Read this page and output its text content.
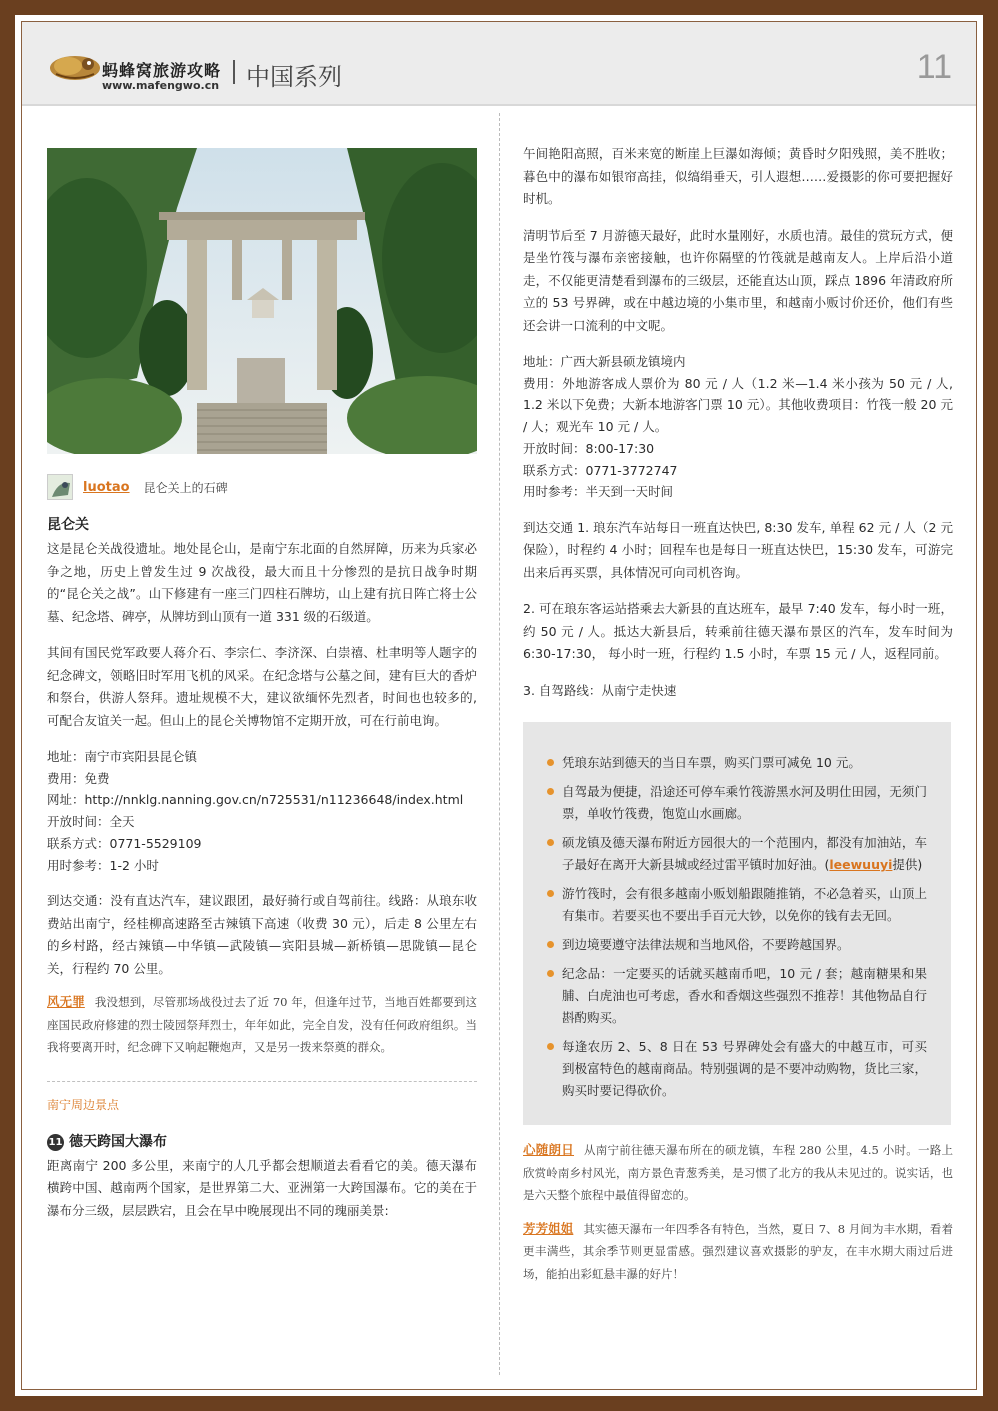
蚂蜂窝旅游攻略
www.mafengwo.cn 中国系列	11
luotao 昆仑关上的石碑
昆仑关

这是昆仑关战役遗址。地处昆仑山，是南宁东北面的自然屏障，历来为兵家必争之地，历史上曾发生过 9 次战役，最大而且十分惨烈的是抗日战争时期的“昆仑关之战”。山下修建有一座三门四柱石牌坊，山上建有抗日阵亡将士公墓、纪念塔、碑亭，从牌坊到山顶有一道 331 级的石级道。

其间有国民党军政要人蒋介石、李宗仁、李济深、白崇禧、杜聿明等人题字的纪念碑文，领略旧时军用飞机的风采。在纪念塔与公墓之间，建有巨大的香炉和祭台，供游人祭拜。遗址规模不大，建议欲缅怀先烈者，时间也也较多的, 可配合友谊关一起。但山上的昆仑关博物馆不定期开放，可在行前电询。

地址：南宁市宾阳县昆仑镇

费用：免费

网址：http://nnklg.nanning.gov.cn/n725531/n11236648/index.html

开放时间：全天

联系方式：0771-5529109

用时参考：1-2 小时

到达交通：没有直达汽车，建议跟团，最好骑行或自驾前往。线路：从琅东收费站出南宁，经桂柳高速路至古辣镇下高速（收费 30 元），后走 8 公里左右的乡村路，经古辣镇—中华镇—武陵镇—宾阳县城—新桥镇—思陇镇—昆仑关，行程约 70 公里。

风无罪 我没想到，尽管那场战役过去了近 70 年，但逢年过节，当地百姓都要到这座国民政府修建的烈士陵园祭拜烈士，年年如此，完全自发，没有任何政府组织。当我将要离开时，纪念碑下又响起鞭炮声，又是另一拨来祭奠的群众。
南宁周边景点
11 德天跨国大瀑布

距离南宁 200 多公里，来南宁的人几乎都会想顺道去看看它的美。德天瀑布横跨中国、越南两个国家，是世界第二大、亚洲第一大跨国瀑布。它的美在于瀑布分三级，层层跌宕，且会在早中晚展现出不同的瑰丽美景:

午间艳阳高照，百米来宽的断崖上巨瀑如海倾；黄昏时夕阳残照，美不胜收；暮色中的瀑布如银帘高挂，似缟绢垂天，引人遐想……爱摄影的你可要把握好时机。

清明节后至 7 月游德天最好，此时水量刚好，水质也清。最佳的赏玩方式，便是坐竹筏与瀑布亲密接触，也许你隔壁的竹筏就是越南友人。上岸后沿小道走，不仅能更清楚看到瀑布的三级层，还能直达山顶，踩点 1896 年清政府所立的 53 号界碑，或在中越边境的小集市里，和越南小贩讨价还价，他们有些还会讲一口流利的中文呢。

地址：广西大新县硕龙镇境内

费用：外地游客成人票价为 80 元 / 人（1.2 米—1.4 米小孩为 50 元 / 人, 1.2 米以下免费；大新本地游客门票 10 元）。其他收费项目：竹筏一般 20 元 / 人；观光车 10 元 / 人。

开放时间：8:00-17:30

联系方式：0771-3772747

用时参考：半天到一天时间

到达交通 1. 琅东汽车站每日一班直达快巴, 8:30 发车, 单程 62 元 / 人（2 元保险），时程约 4 小时；回程车也是每日一班直达快巴，15:30 发车，可游完出来后再买票，具体情况可向司机咨询。

2. 可在琅东客运站搭乘去大新县的直达班车，最早 7:40 发车，每小时一班，约 50 元 / 人。抵达大新县后，转乘前往德天瀑布景区的汽车，发车时间为 6:30-17:30， 每小时一班，行程约 1.5 小时，车票 15 元 / 人，返程同前。

3. 自驾路线：从南宁走快速

凭琅东站到德天的当日车票，购买门票可减免 10 元。
自驾最为便捷，沿途还可停车乘竹筏游黑水河及明仕田园，无须门票，单收竹筏费，饱览山水画廊。
硕龙镇及德天瀑布附近方园很大的一个范围内，都没有加油站，车子最好在离开大新县城或经过雷平镇时加好油。(leewuuyi提供)
游竹筏时，会有很多越南小贩划船跟随推销，不必急着买，山顶上有集市。若要买也不要出手百元大钞，以免你的钱有去无回。
到边境要遵守法律法规和当地风俗，不要跨越国界。
纪念品：一定要买的话就买越南币吧，10 元 / 套；越南糖果和果脯、白虎油也可考虑，香水和香烟这些强烈不推荐！其他物品自行斟酌购买。
每逢农历 2、5、8 日在 53 号界碑处会有盛大的中越互市，可买到极富特色的越南商品。特别强调的是不要冲动购物，货比三家，购买时要记得砍价。
心随朗日 从南宁前往德天瀑布所在的硕龙镇，车程 280 公里，4.5 小时。一路上欣赏岭南乡村风光，南方景色青葱秀美，是习惯了北方的我从未见过的。说实话，也是六天整个旅程中最值得留恋的。
芳芳姐姐 其实德天瀑布一年四季各有特色，当然，夏日 7、8 月间为丰水期，看着更丰满些，其余季节则更显雷感。强烈建议喜欢摄影的驴友，在丰水期大雨过后进场，能拍出彩虹悬丰瀑的好片！
